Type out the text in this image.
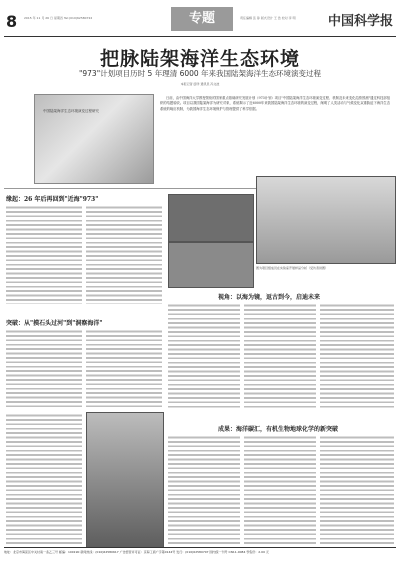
8 2015 年 11 月 26 日 星期四 Tel:(010)62580722	专题	责任编辑 张 铮 版式设计 王 浩 校对 李 明 中国科学报
把脉陆架海洋生态环境
"973"计划项目历时 5 年理清 6000 年来我国陆架海洋生态环境演变过程
本报记者 廖洋 通讯员 冯文波
中国陆架海洋生态环境演变过程研究
日前，由中国海洋大学教授领衔的国家重点基础研究发展计划（973计划）项目"中国陆架海洋生态环境演变过程、机制及未来变化趋势预测"通过科技部组织的结题验收。项目以我国陆架海洋为研究对象，系统揭示了近6000年来我国陆架海洋生态环境的演变过程，阐明了人类活动与气候变化双重胁迫下海洋生态系统的响应机制，为我国海洋生态环境保护与管理提供了科学依据。
缘起：26 年后再回到"近海"973"
图为项目组成员在实验室开展样品分析（受访者供图）
突破：从"摸石头过河"到"洞察海洋"
视角：以海为镜，返古到今，启迪未来
成果：海洋碳汇，有机生物地球化学的新突破
地址：北京市海淀区中关村南一条乙三号 邮编：100190 新闻热线：(010)62580617 广告经营许可证：京海工商广字第0144号 发行：(010)62580707 国内统一刊号 CN11-0084 零售价：2.00 元
